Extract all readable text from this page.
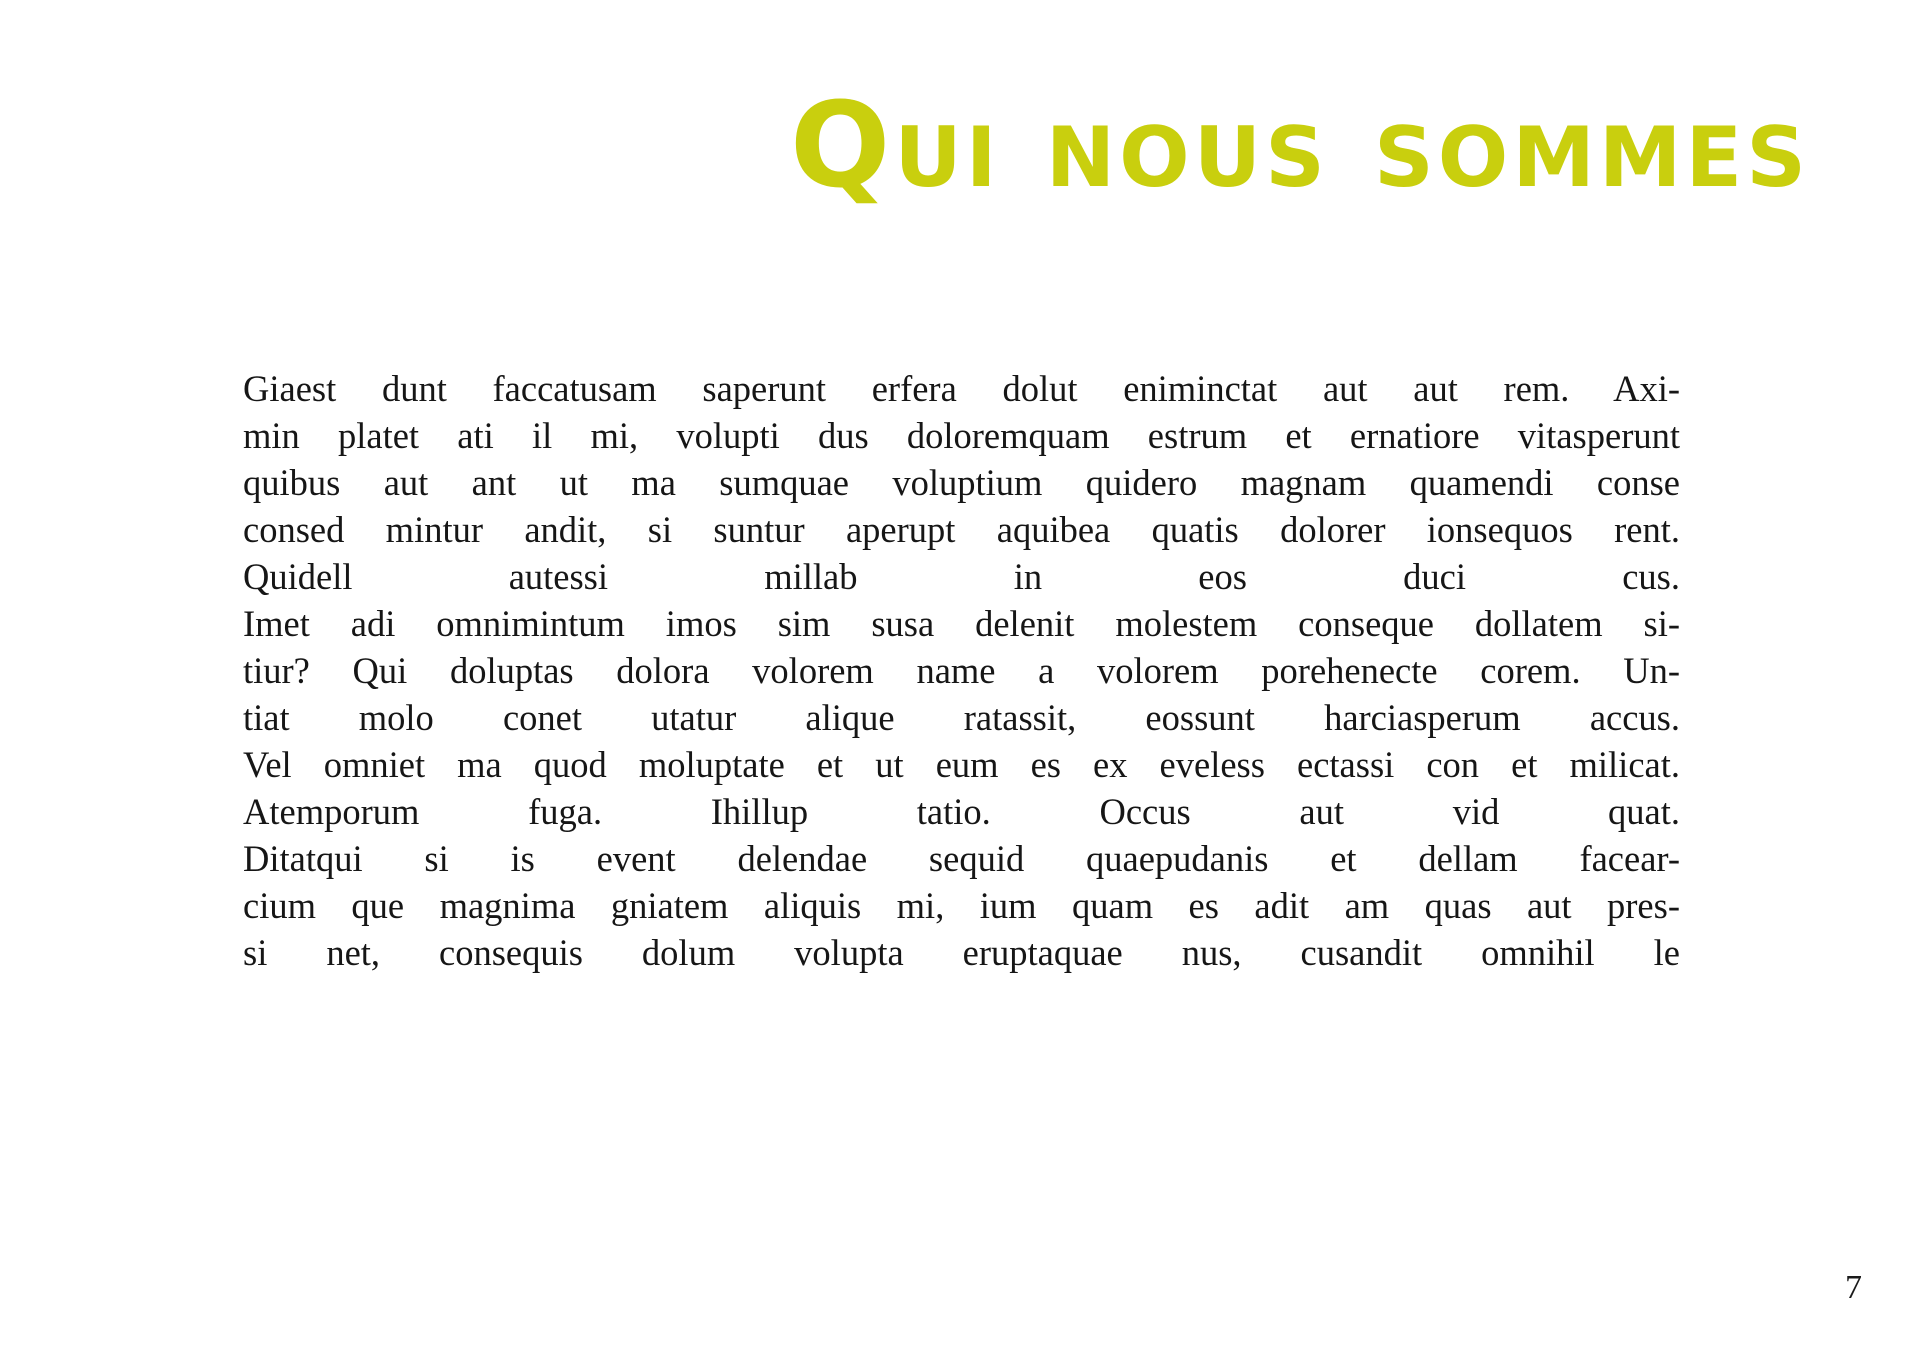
Qui nous sommes
Giaest dunt faccatusam saperunt erfera dolut eniminctat aut aut rem. Axi-
min platet ati il mi, volupti dus doloremquam estrum et ernatiore vitasperunt
quibus aut ant ut ma sumquae voluptium quidero magnam quamendi conse
consed mintur andit, si suntur aperupt aquibea quatis dolorer ionsequos rent.
Quidell autessi millab in eos duci cus.
Imet adi omnimintum imos sim susa delenit molestem conseque dollatem si-
tiur? Qui doluptas dolora volorem name a volorem porehenecte corem. Un-
tiat molo conet utatur alique ratassit, eossunt harciasperum accus.
Vel omniet ma quod moluptate et ut eum es ex eveless ectassi con et milicat.
Atemporum fuga. Ihillup tatio. Occus aut vid quat.
Ditatqui si is event delendae sequid quaepudanis et dellam facear-
cium que magnima gniatem aliquis mi, ium quam es adit am quas aut pres-
si net, consequis dolum volupta eruptaquae nus, cusandit omnihil le
7
